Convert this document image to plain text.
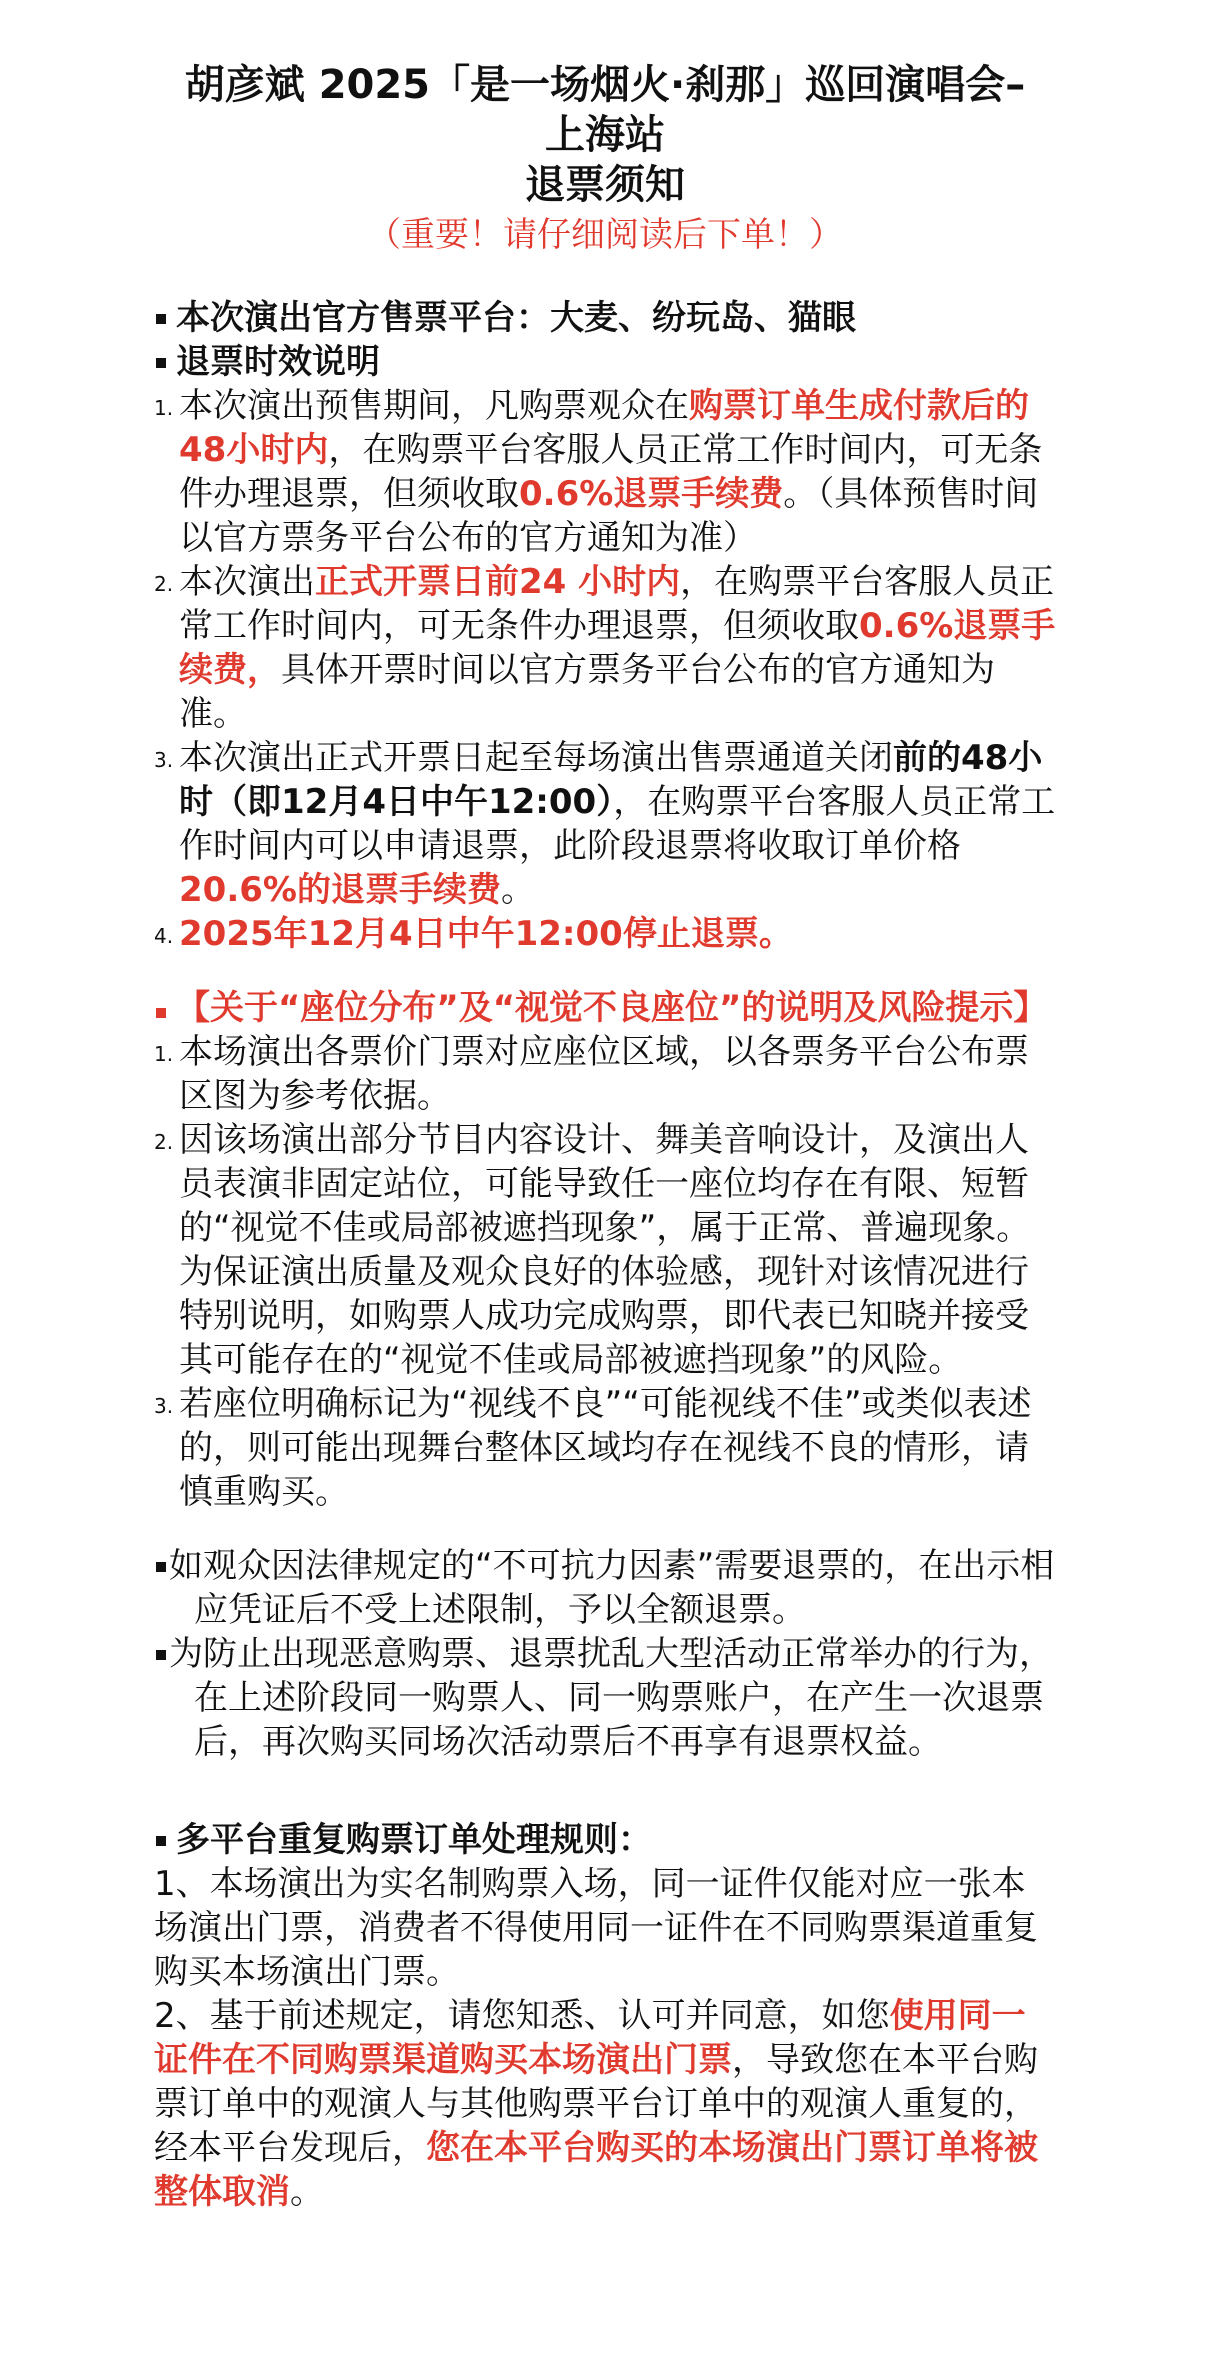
胡彦斌 2025「是一场烟火·刹那」巡回演唱会–
上海站
退票须知
（重要！请仔细阅读后下单！）
本次演出官方售票平台：大麦、纷玩岛、猫眼
退票时效说明
1. 本次演出预售期间，凡购票观众在购票订单生成付款后的48小时内，在购票平台客服人员正常工作时间内，可无条件办理退票，但须收取0.6%退票手续费。（具体预售时间以官方票务平台公布的官方通知为准）
2. 本次演出正式开票日前24 小时内，在购票平台客服人员正常工作时间内，可无条件办理退票，但须收取0.6%退票手续费，具体开票时间以官方票务平台公布的官方通知为准。
3. 本次演出正式开票日起至每场演出售票通道关闭前的48小时（即12月4日中午12:00），在购票平台客服人员正常工作时间内可以申请退票，此阶段退票将收取订单价格20.6%的退票手续费。
4. 2025年12月4日中午12:00停止退票。
【关于“座位分布”及“视觉不良座位”的说明及风险提示】
1. 本场演出各票价门票对应座位区域，以各票务平台公布票区图为参考依据。
2. 因该场演出部分节目内容设计、舞美音响设计，及演出人员表演非固定站位，可能导致任一座位均存在有限、短暂的“视觉不佳或局部被遮挡现象”，属于正常、普遍现象。为保证演出质量及观众良好的体验感，现针对该情况进行特别说明，如购票人成功完成购票，即代表已知晓并接受其可能存在的“视觉不佳或局部被遮挡现象”的风险。
3. 若座位明确标记为“视线不良”“可能视线不佳”或类似表述的，则可能出现舞台整体区域均存在视线不良的情形，请慎重购买。
如观众因法律规定的“不可抗力因素”需要退票的，在出示相应凭证后不受上述限制，予以全额退票。
为防止出现恶意购票、退票扰乱大型活动正常举办的行为，在上述阶段同一购票人、同一购票账户，在产生一次退票后，再次购买同场次活动票后不再享有退票权益。
多平台重复购票订单处理规则：
1、本场演出为实名制购票入场，同一证件仅能对应一张本场演出门票，消费者不得使用同一证件在不同购票渠道重复购买本场演出门票。
2、基于前述规定，请您知悉、认可并同意，如您使用同一证件在不同购票渠道购买本场演出门票，导致您在本平台购票订单中的观演人与其他购票平台订单中的观演人重复的，经本平台发现后，您在本平台购买的本场演出门票订单将被整体取消。
